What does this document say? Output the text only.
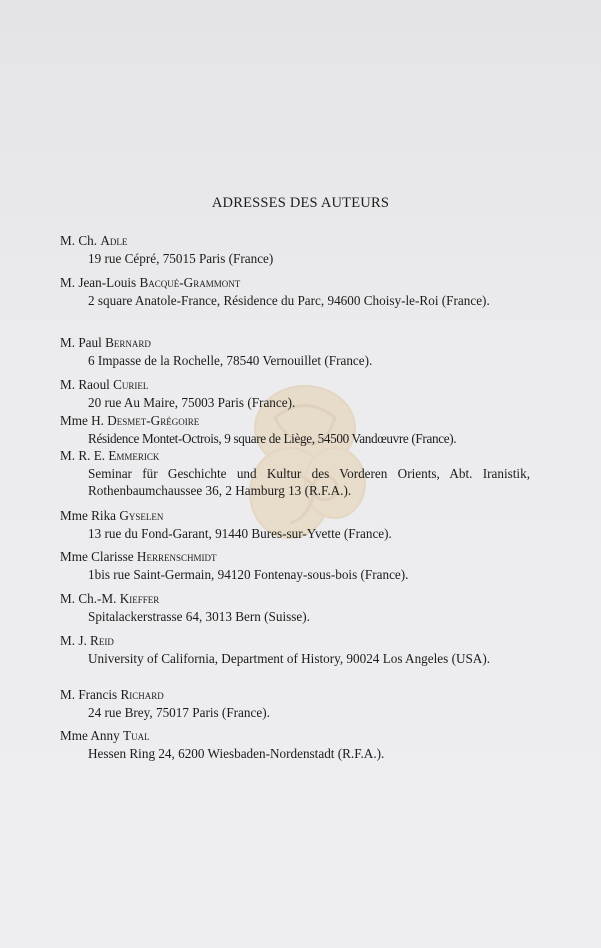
ADRESSES DES AUTEURS
M. Ch. Adle
19 rue Cépré, 75015 Paris (France)
M. Jean-Louis Bacqué-Grammont
2 square Anatole-France, Résidence du Parc, 94600 Choisy-le-Roi (France).
M. Paul Bernard
6 Impasse de la Rochelle, 78540 Vernouillet (France).
M. Raoul Curiel
20 rue Au Maire, 75003 Paris (France).
Mme H. Desmet-Grégoire
Résidence Montet-Octrois, 9 square de Liège, 54500 Vandœuvre (France).
M. R. E. Emmerick
Seminar für Geschichte und Kultur des Vorderen Orients, Abt. Iranistik, Rothenbaumchaussee 36, 2 Hamburg 13 (R.F.A.).
Mme Rika Gyselen
13 rue du Fond-Garant, 91440 Bures-sur-Yvette (France).
Mme Clarisse Herrenschmidt
1bis rue Saint-Germain, 94120 Fontenay-sous-bois (France).
M. Ch.-M. Kieffer
Spitalackerstrasse 64, 3013 Bern (Suisse).
M. J. Reid
University of California, Department of History, 90024 Los Angeles (USA).
M. Francis Richard
24 rue Brey, 75017 Paris (France).
Mme Anny Tual
Hessen Ring 24, 6200 Wiesbaden-Nordenstadt (R.F.A.).
